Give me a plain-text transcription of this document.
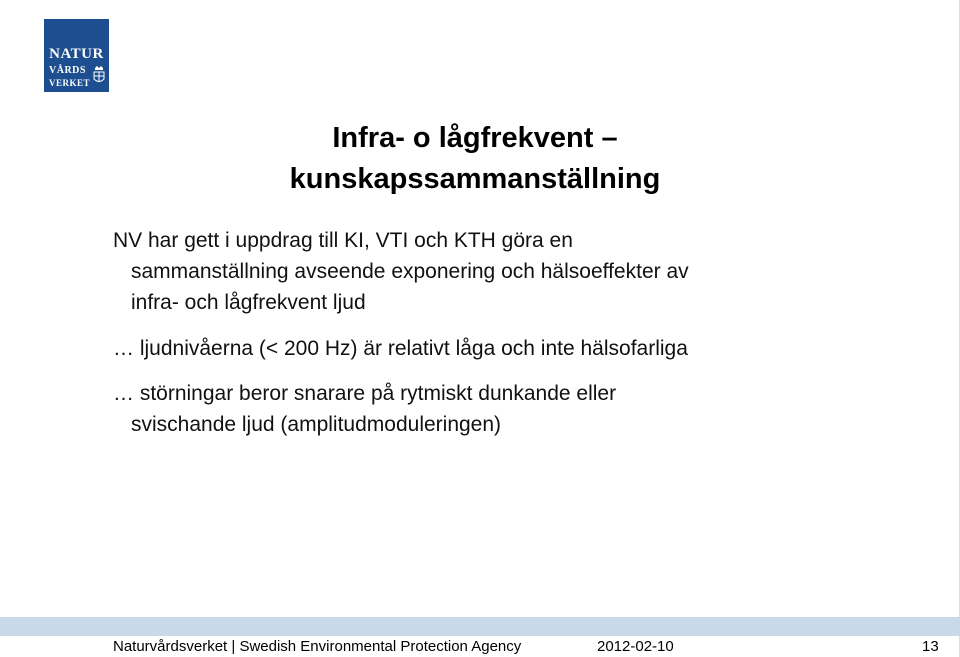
NATUR
VÅRDS
VERKET
Infra- o lågfrekvent –
kunskapssammanställning
NV har gett i uppdrag till KI, VTI och KTH göra en
sammanställning avseende exponering och hälsoeffekter av
infra- och lågfrekvent ljud
… ljudnivåerna (< 200 Hz) är relativt låga och inte hälsofarliga
… störningar beror snarare på rytmiskt dunkande eller
svischande ljud (amplitudmoduleringen)
Naturvårdsverket | Swedish Environmental Protection Agency	2012-02-10	13
